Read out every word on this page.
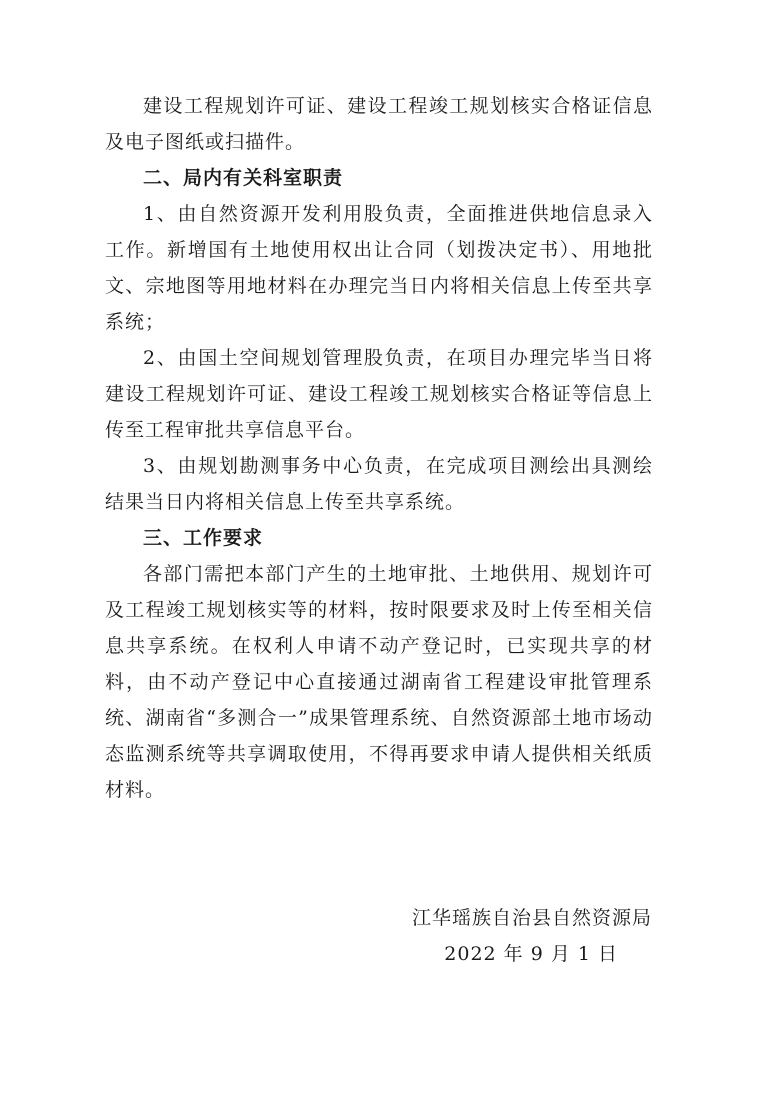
建设工程规划许可证、建设工程竣工规划核实合格证信息及电子图纸或扫描件。

二、局内有关科室职责

1、由自然资源开发利用股负责，全面推进供地信息录入工作。新增国有土地使用权出让合同（划拨决定书）、用地批文、宗地图等用地材料在办理完当日内将相关信息上传至共享系统；

2、由国土空间规划管理股负责，在项目办理完毕当日将建设工程规划许可证、建设工程竣工规划核实合格证等信息上传至工程审批共享信息平台。

3、由规划勘测事务中心负责，在完成项目测绘出具测绘结果当日内将相关信息上传至共享系统。

三、工作要求

各部门需把本部门产生的土地审批、土地供用、规划许可及工程竣工规划核实等的材料，按时限要求及时上传至相关信息共享系统。在权利人申请不动产登记时，已实现共享的材料，由不动产登记中心直接通过湖南省工程建设审批管理系统、湖南省“多测合一”成果管理系统、自然资源部土地市场动态监测系统等共享调取使用，不得再要求申请人提供相关纸质材料。

江华瑶族自治县自然资源局
2022 年 9 月 1 日
